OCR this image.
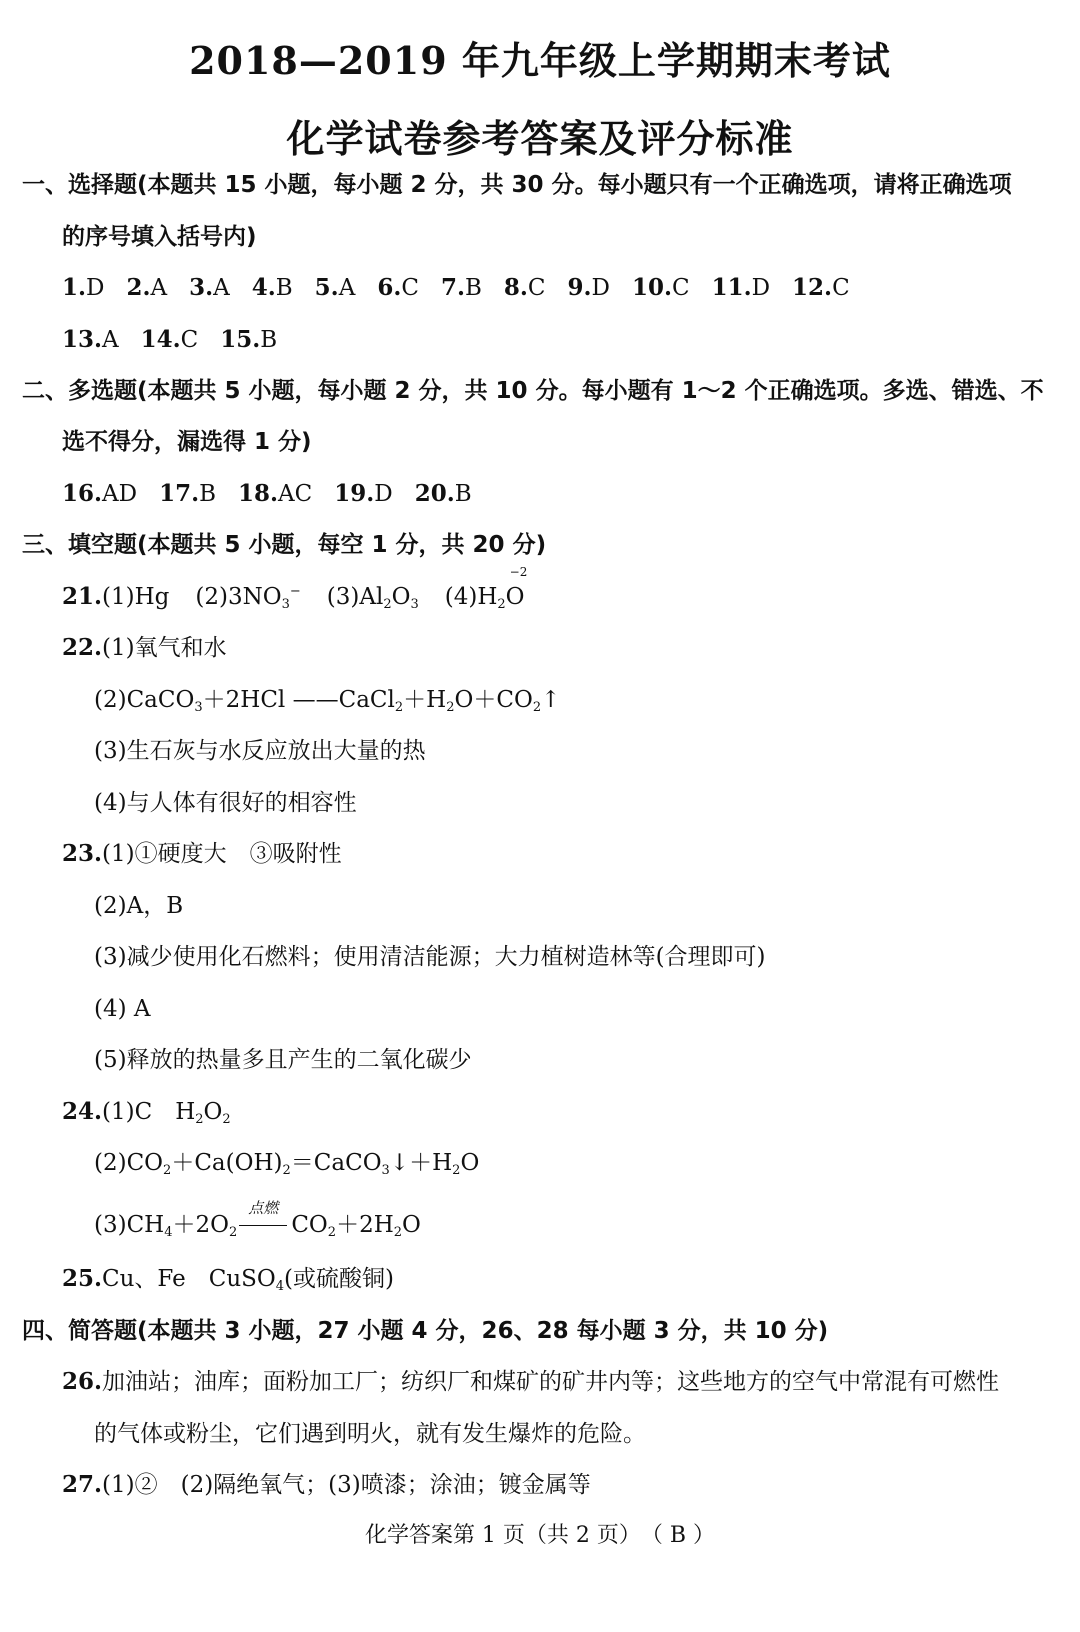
2018—2019 年九年级上学期期末考试
化学试卷参考答案及评分标准
一、选择题(本题共 15 小题，每小题 2 分，共 30 分。每小题只有一个正确选项，请将正确选项
的序号填入括号内)
1.D 2.A 3.A 4.B 5.A 6.C 7.B 8.C 9.D 10.C 11.D 12.C
13.A 14.C 15.B
二、多选题(本题共 5 小题，每小题 2 分，共 10 分。每小题有 1～2 个正确选项。多选、错选、不
选不得分，漏选得 1 分)
16.AD 17.B 18.AC 19.D 20.B
三、填空题(本题共 5 小题，每空 1 分，共 20 分)
21.(1)Hg $(2)3NO_3^-$ $(3)Al_2O_3$ $(4)H_2O$
−2
22.(1)氧气和水
(2)CaCO$_3$＋2HCl $——CaCl_2+H_2O+CO_2↑$
(3)生石灰与水反应放出大量的热
(4)与人体有很好的相容性
23.(1)①硬度大　③吸附性
(2)A，B
(3)减少使用化石燃料；使用清洁能源；大力植树造林等(合理即可)
(4) A
(5)释放的热量多且产生的二氧化碳少
24.(1)C　$H_2O_2$
$(2)CO_2+Ca(OH)_2=CaCO_3↓+H_2O$
$(3)CH_4+2O_2$
点燃
$CO_2+2H_2O$
25.Cu、Fe　CuSO$_4$(或硫酸铜)
四、简答题(本题共 3 小题，27 小题 4 分，26、28 每小题 3 分，共 10 分)
26.加油站；油库；面粉加工厂；纺织厂和煤矿的矿井内等；这些地方的空气中常混有可燃性
的气体或粉尘，它们遇到明火，就有发生爆炸的危险。
27.(1)②　(2)隔绝氧气；(3)喷漆；涂油；镀金属等
化学答案第 1 页（共 2 页）　（ B ）
